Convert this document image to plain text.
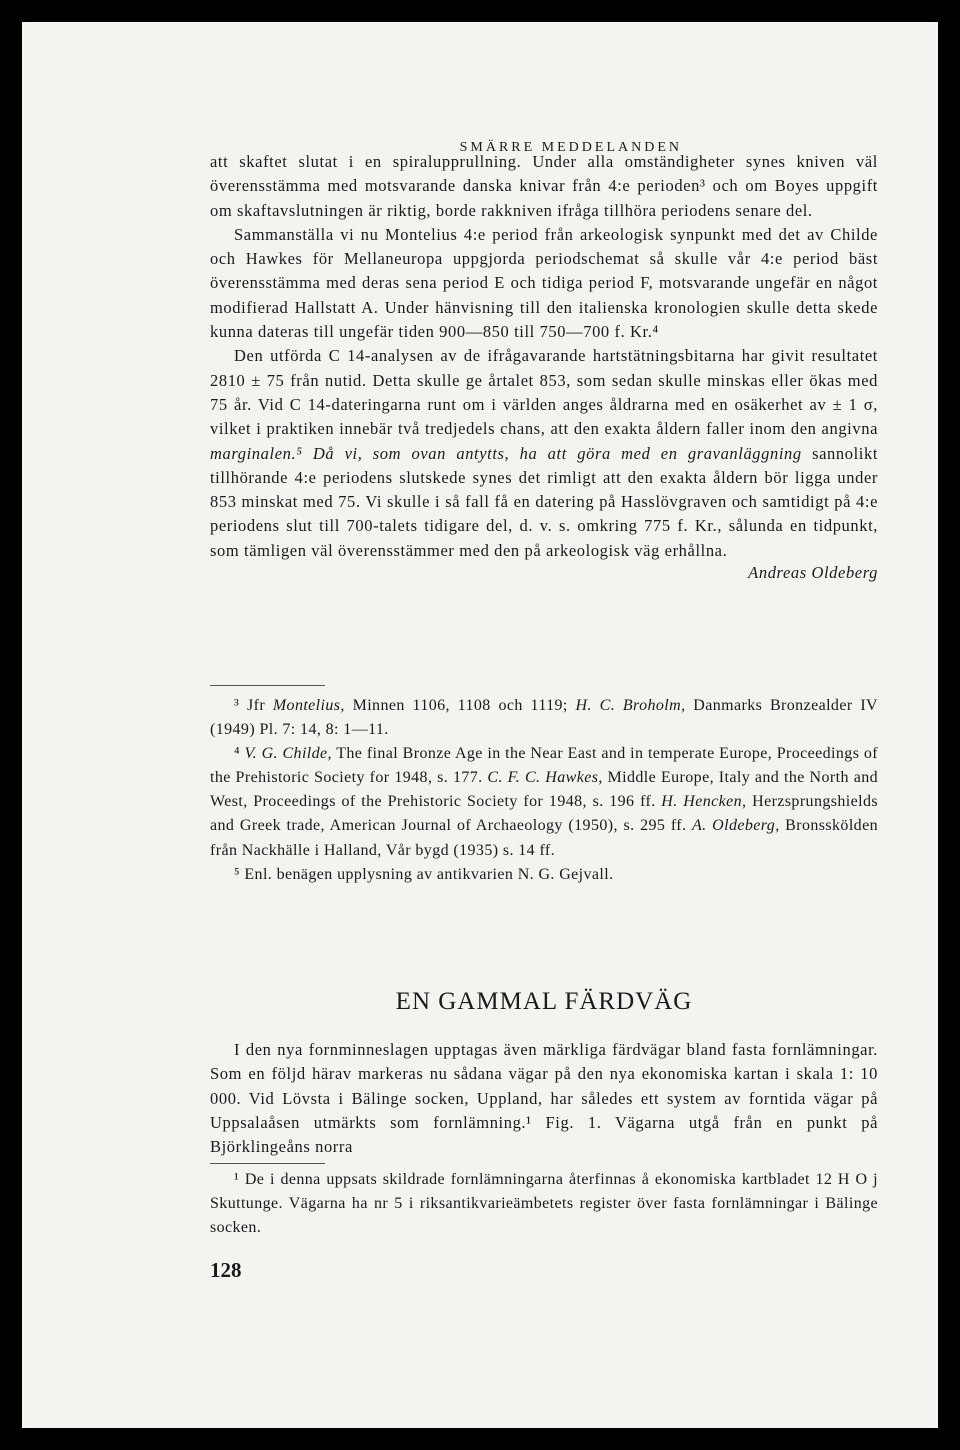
SMÄRRE MEDDELANDEN

att skaftet slutat i en spiralupprullning. Under alla omständigheter synes kniven väl överensstämma med motsvarande danska knivar från 4:e perioden³ och om Boyes uppgift om skaftavslutningen är riktig, borde rakkniven ifråga tillhöra periodens senare del.

Sammanställa vi nu Montelius 4:e period från arkeologisk synpunkt med det av Childe och Hawkes för Mellaneuropa uppgjorda periodschemat så skulle vår 4:e period bäst överensstämma med deras sena period E och tidiga period F, motsvarande ungefär en något modifierad Hallstatt A. Under hänvisning till den italienska kronologien skulle detta skede kunna dateras till ungefär tiden 900—850 till 750—700 f. Kr.⁴

Den utförda C 14-analysen av de ifrågavarande hartstätningsbitarna har givit resultatet 2810 ± 75 från nutid. Detta skulle ge årtalet 853, som sedan skulle minskas eller ökas med 75 år. Vid C 14-dateringarna runt om i världen anges åldrarna med en osäkerhet av ± 1 σ, vilket i praktiken innebär två tredjedels chans, att den exakta åldern faller inom den angivna marginalen.⁵ Då vi, som ovan antytts, ha att göra med en gravanläggning sannolikt tillhörande 4:e periodens slutskede synes det rimligt att den exakta åldern bör ligga under 853 minskat med 75. Vi skulle i så fall få en datering på Hasslövgraven och samtidigt på 4:e periodens slut till 700-talets tidigare del, d. v. s. omkring 775 f. Kr., sålunda en tidpunkt, som tämligen väl överensstämmer med den på arkeologisk väg erhållna.

Andreas Oldeberg

³ Jfr Montelius, Minnen 1106, 1108 och 1119; H. C. Broholm, Danmarks Bronzealder IV (1949) Pl. 7: 14, 8: 1—11.

⁴ V. G. Childe, The final Bronze Age in the Near East and in temperate Europe, Proceedings of the Prehistoric Society for 1948, s. 177. C. F. C. Hawkes, Middle Europe, Italy and the North and West, Proceedings of the Prehistoric Society for 1948, s. 196 ff. H. Hencken, Herzsprungshields and Greek trade, American Journal of Archaeology (1950), s. 295 ff. A. Oldeberg, Bronsskölden från Nackhälle i Halland, Vår bygd (1935) s. 14 ff.

⁵ Enl. benägen upplysning av antikvarien N. G. Gejvall.

EN GAMMAL FÄRDVÄG

I den nya fornminneslagen upptagas även märkliga färdvägar bland fasta fornlämningar. Som en följd härav markeras nu sådana vägar på den nya ekonomiska kartan i skala 1: 10 000. Vid Lövsta i Bälinge socken, Uppland, har således ett system av forntida vägar på Uppsalaåsen utmärkts som fornlämning.¹ Fig. 1. Vägarna utgå från en punkt på Björklingeåns norra

¹ De i denna uppsats skildrade fornlämningarna återfinnas å ekonomiska kartbladet 12 H O j Skuttunge. Vägarna ha nr 5 i riksantikvarieämbetets register över fasta fornlämningar i Bälinge socken.

128
